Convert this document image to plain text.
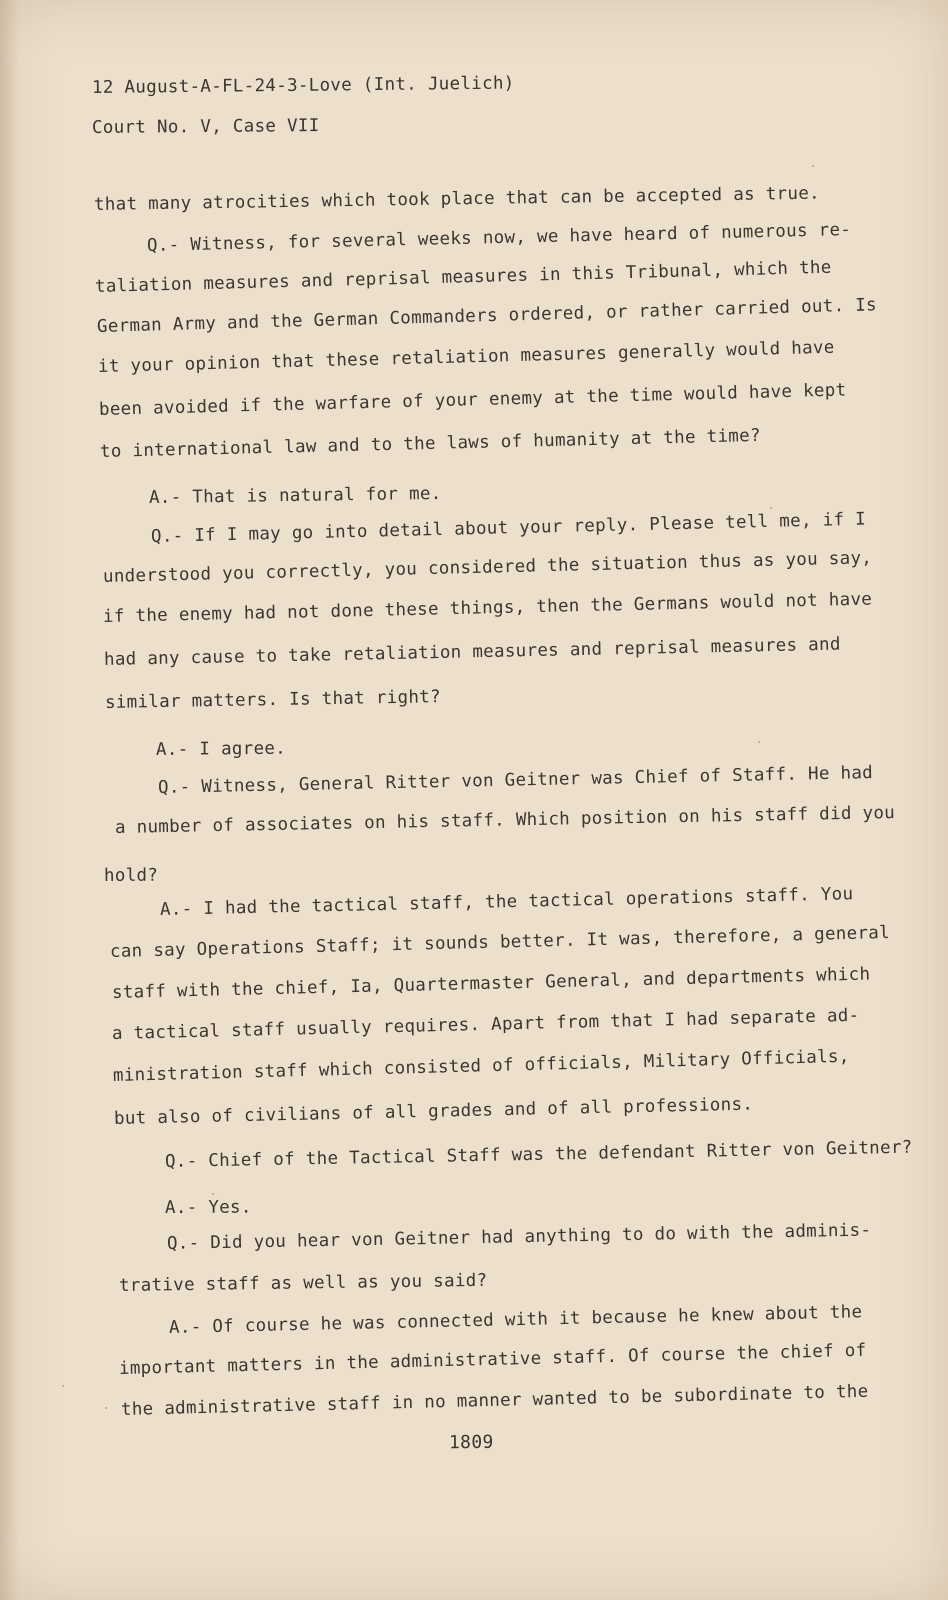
12 August-A-FL-24-3-Love (Int. Juelich)
Court No. V, Case VII
that many atrocities which took place that can be accepted as true.
Q.- Witness, for several weeks now, we have heard of numerous re-
taliation measures and reprisal measures in this Tribunal, which the
German Army and the German Commanders ordered, or rather carried out. Is
it your opinion that these retaliation measures generally would have
been avoided if the warfare of your enemy at the time would have kept
to international law and to the laws of humanity at the time?
A.- That is natural for me.
Q.- If I may go into detail about your reply. Please tell me, if I
understood you correctly, you considered the situation thus as you say,
if the enemy had not done these things, then the Germans would not have
had any cause to take retaliation measures and reprisal measures and
similar matters. Is that right?
A.- I agree.
Q.- Witness, General Ritter von Geitner was Chief of Staff. He had
a number of associates on his staff. Which position on his staff did you
hold?
A.- I had the tactical staff, the tactical operations staff. You
can say Operations Staff; it sounds better. It was, therefore, a general
staff with the chief, Ia, Quartermaster General, and departments which
a tactical staff usually requires. Apart from that I had separate ad-
ministration staff which consisted of officials, Military Officials,
but also of civilians of all grades and of all professions.
Q.- Chief of the Tactical Staff was the defendant Ritter von Geitner?
A.- Yes.
Q.- Did you hear von Geitner had anything to do with the adminis-
trative staff as well as you said?
A.- Of course he was connected with it because he knew about the
important matters in the administrative staff. Of course the chief of
the administrative staff in no manner wanted to be subordinate to the
1809
